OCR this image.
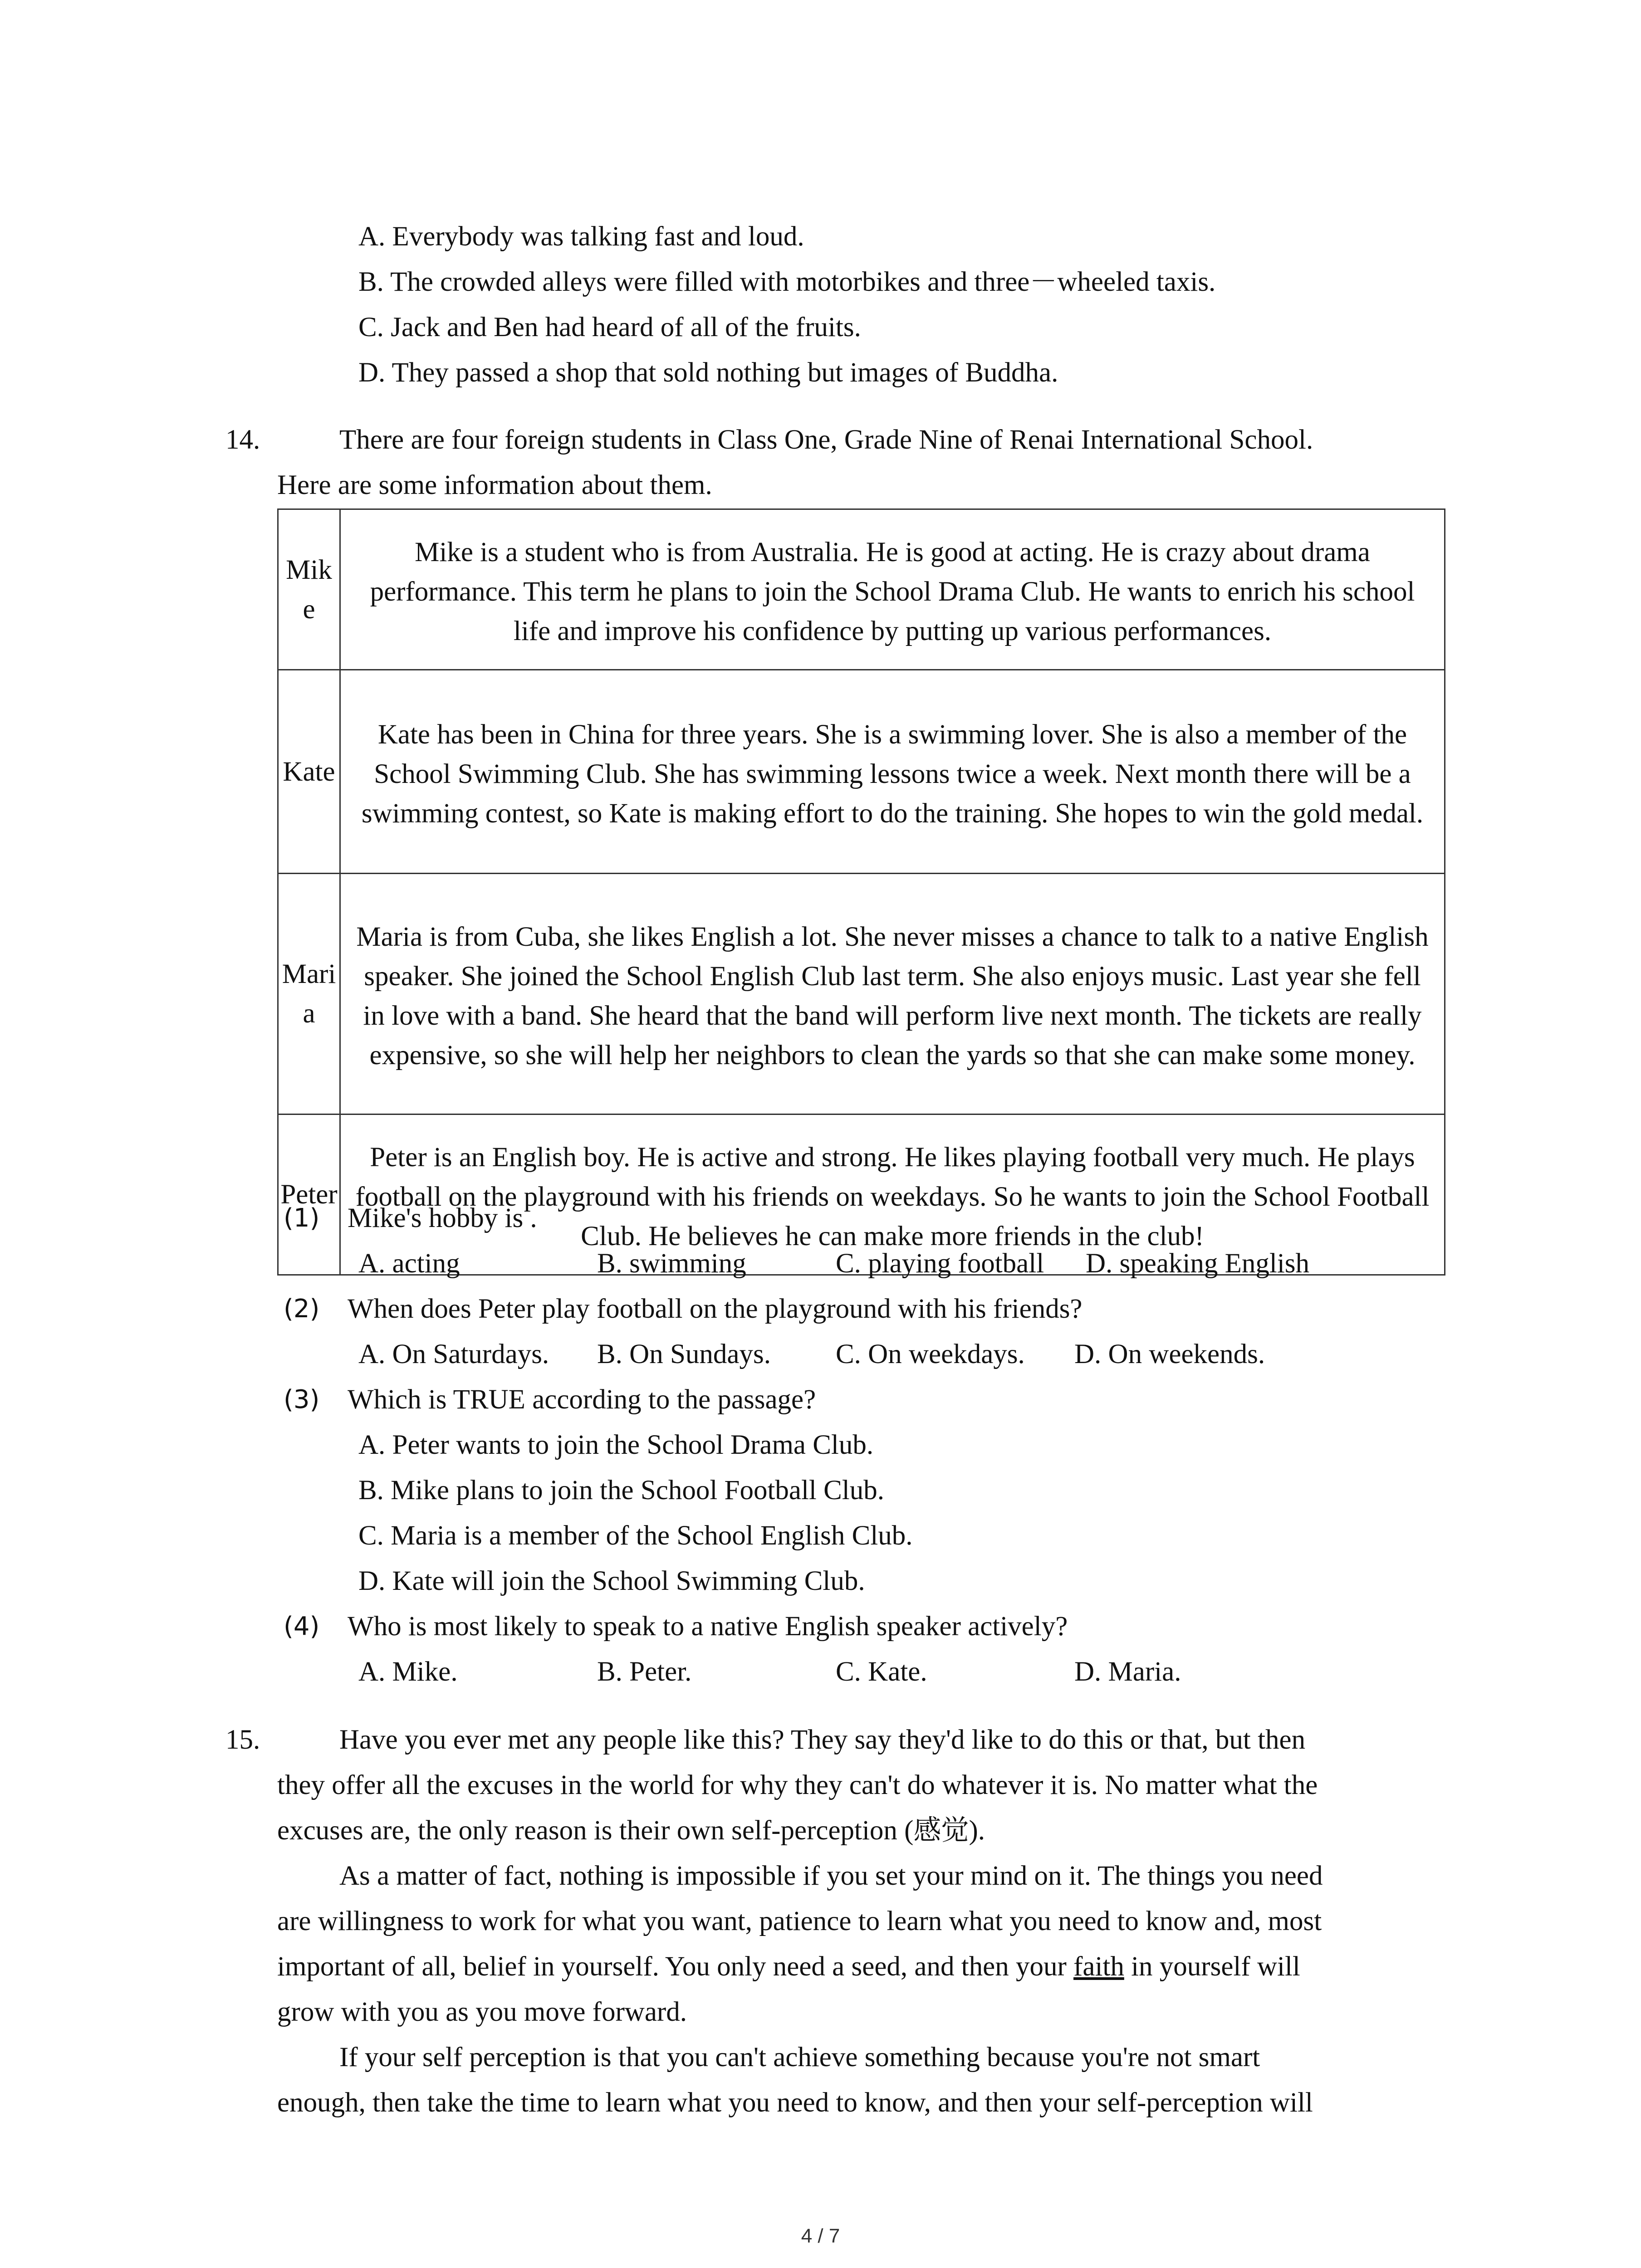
A. Everybody was talking fast and loud.
B. The crowded alleys were filled with motorbikes and three－wheeled taxis.
C. Jack and Ben had heard of all of the fruits.
D. They passed a shop that sold nothing but images of Buddha.
14.	There are four foreign students in Class One, Grade Nine of Renai International School.
Here are some information about them.
Mike	Mike is a student who is from Australia. He is good at acting. He is crazy about drama performance. This term he plans to join the School Drama Club. He wants to enrich his school life and improve his confidence by putting up various performances.
Kate	Kate has been in China for three years. She is a swimming lover. She is also a member of the School Swimming Club. She has swimming lessons twice a week. Next month there will be a swimming contest, so Kate is making effort to do the training. She hopes to win the gold medal.
Maria	Maria is from Cuba, she likes English a lot. She never misses a chance to talk to a native English speaker. She joined the School English Club last term. She also enjoys music. Last year she fell in love with a band. She heard that the band will perform live next month. The tickets are really expensive, so she will help her neighbors to clean the yards so that she can make some money.
Peter	Peter is an English boy. He is active and strong. He likes playing football very much. He plays football on the playground with his friends on weekdays. So he wants to join the School Football Club. He believes he can make more friends in the club!
(1) Mike's hobby is .
A. acting	B. swimming	C. playing football D. speaking English
(2) When does Peter play football on the playground with his friends?
A. On Saturdays. B. On Sundays. C. On weekdays. D. On weekends.
(3) Which is TRUE according to the passage?
A. Peter wants to join the School Drama Club.
B. Mike plans to join the School Football Club.
C. Maria is a member of the School English Club.
D. Kate will join the School Swimming Club.
(4) Who is most likely to speak to a native English speaker actively?
A. Mike.	B. Peter.	C. Kate.	D. Maria.
15.	Have you ever met any people like this? They say they'd like to do this or that, but then
they offer all the excuses in the world for why they can't do whatever it is. No matter what the
excuses are, the only reason is their own self-perception (感觉).
As a matter of fact, nothing is impossible if you set your mind on it. The things you need
are willingness to work for what you want, patience to learn what you need to know and, most
important of all, belief in yourself. You only need a seed, and then your faith in yourself will
grow with you as you move forward.
If your self perception is that you can't achieve something because you're not smart
enough, then take the time to learn what you need to know, and then your self-perception will
4 / 7
